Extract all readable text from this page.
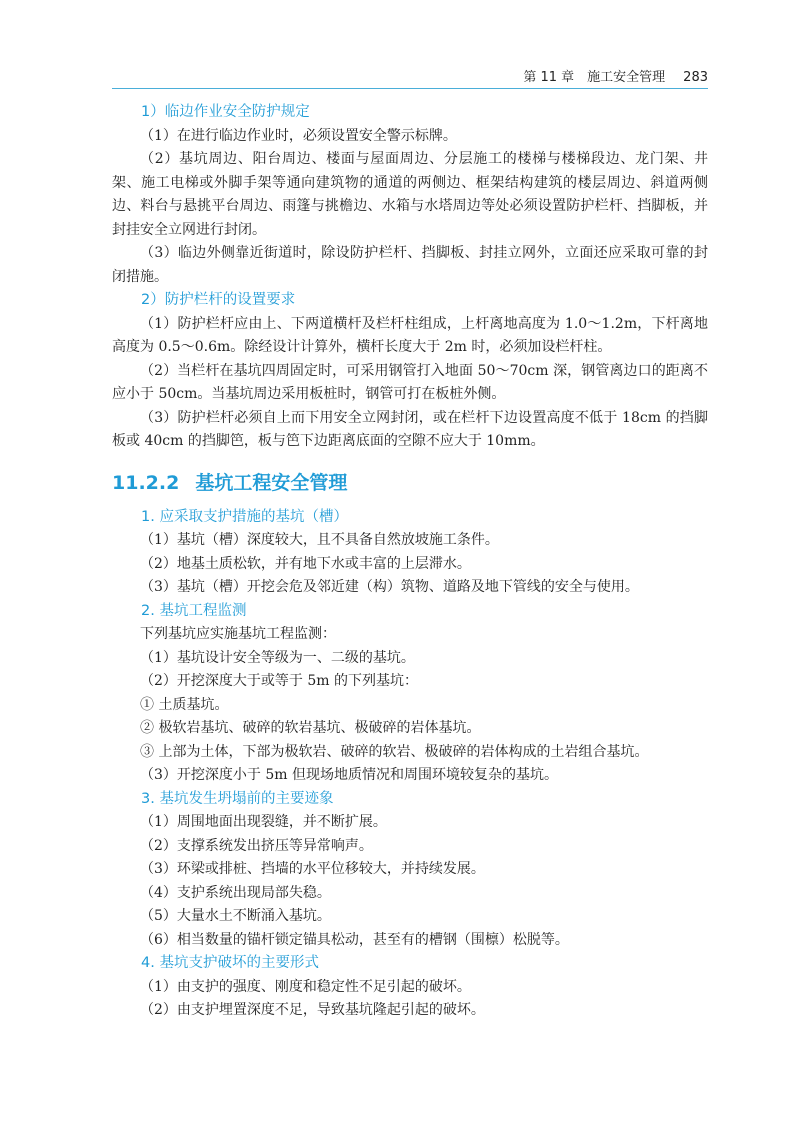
第 11 章　施工安全管理 283

1）临边作业安全防护规定

（1）在进行临边作业时，必须设置安全警示标牌。

（2）基坑周边、阳台周边、楼面与屋面周边、分层施工的楼梯与楼梯段边、龙门架、井架、施工电梯或外脚手架等通向建筑物的通道的两侧边、框架结构建筑的楼层周边、斜道两侧边、料台与悬挑平台周边、雨篷与挑檐边、水箱与水塔周边等处必须设置防护栏杆、挡脚板，并封挂安全立网进行封闭。

（3）临边外侧靠近街道时，除设防护栏杆、挡脚板、封挂立网外，立面还应采取可靠的封闭措施。

2）防护栏杆的设置要求

（1）防护栏杆应由上、下两道横杆及栏杆柱组成，上杆离地高度为 1.0～1.2m，下杆离地高度为 0.5～0.6m。除经设计计算外，横杆长度大于 2m 时，必须加设栏杆柱。

（2）当栏杆在基坑四周固定时，可采用钢管打入地面 50～70cm 深，钢管离边口的距离不应小于 50cm。当基坑周边采用板桩时，钢管可打在板桩外侧。

（3）防护栏杆必须自上而下用安全立网封闭，或在栏杆下边设置高度不低于 18cm 的挡脚板或 40cm 的挡脚笆，板与笆下边距离底面的空隙不应大于 10mm。

11.2.2 基坑工程安全管理

1. 应采取支护措施的基坑（槽）

（1）基坑（槽）深度较大，且不具备自然放坡施工条件。

（2）地基土质松软，并有地下水或丰富的上层滞水。

（3）基坑（槽）开挖会危及邻近建（构）筑物、道路及地下管线的安全与使用。

2. 基坑工程监测

下列基坑应实施基坑工程监测：

（1）基坑设计安全等级为一、二级的基坑。

（2）开挖深度大于或等于 5m 的下列基坑：

① 土质基坑。

② 极软岩基坑、破碎的软岩基坑、极破碎的岩体基坑。

③ 上部为土体，下部为极软岩、破碎的软岩、极破碎的岩体构成的土岩组合基坑。

（3）开挖深度小于 5m 但现场地质情况和周围环境较复杂的基坑。

3. 基坑发生坍塌前的主要迹象

（1）周围地面出现裂缝，并不断扩展。

（2）支撑系统发出挤压等异常响声。

（3）环梁或排桩、挡墙的水平位移较大，并持续发展。

（4）支护系统出现局部失稳。

（5）大量水土不断涌入基坑。

（6）相当数量的锚杆锁定锚具松动，甚至有的槽钢（围檩）松脱等。

4. 基坑支护破坏的主要形式

（1）由支护的强度、刚度和稳定性不足引起的破坏。

（2）由支护埋置深度不足，导致基坑隆起引起的破坏。
